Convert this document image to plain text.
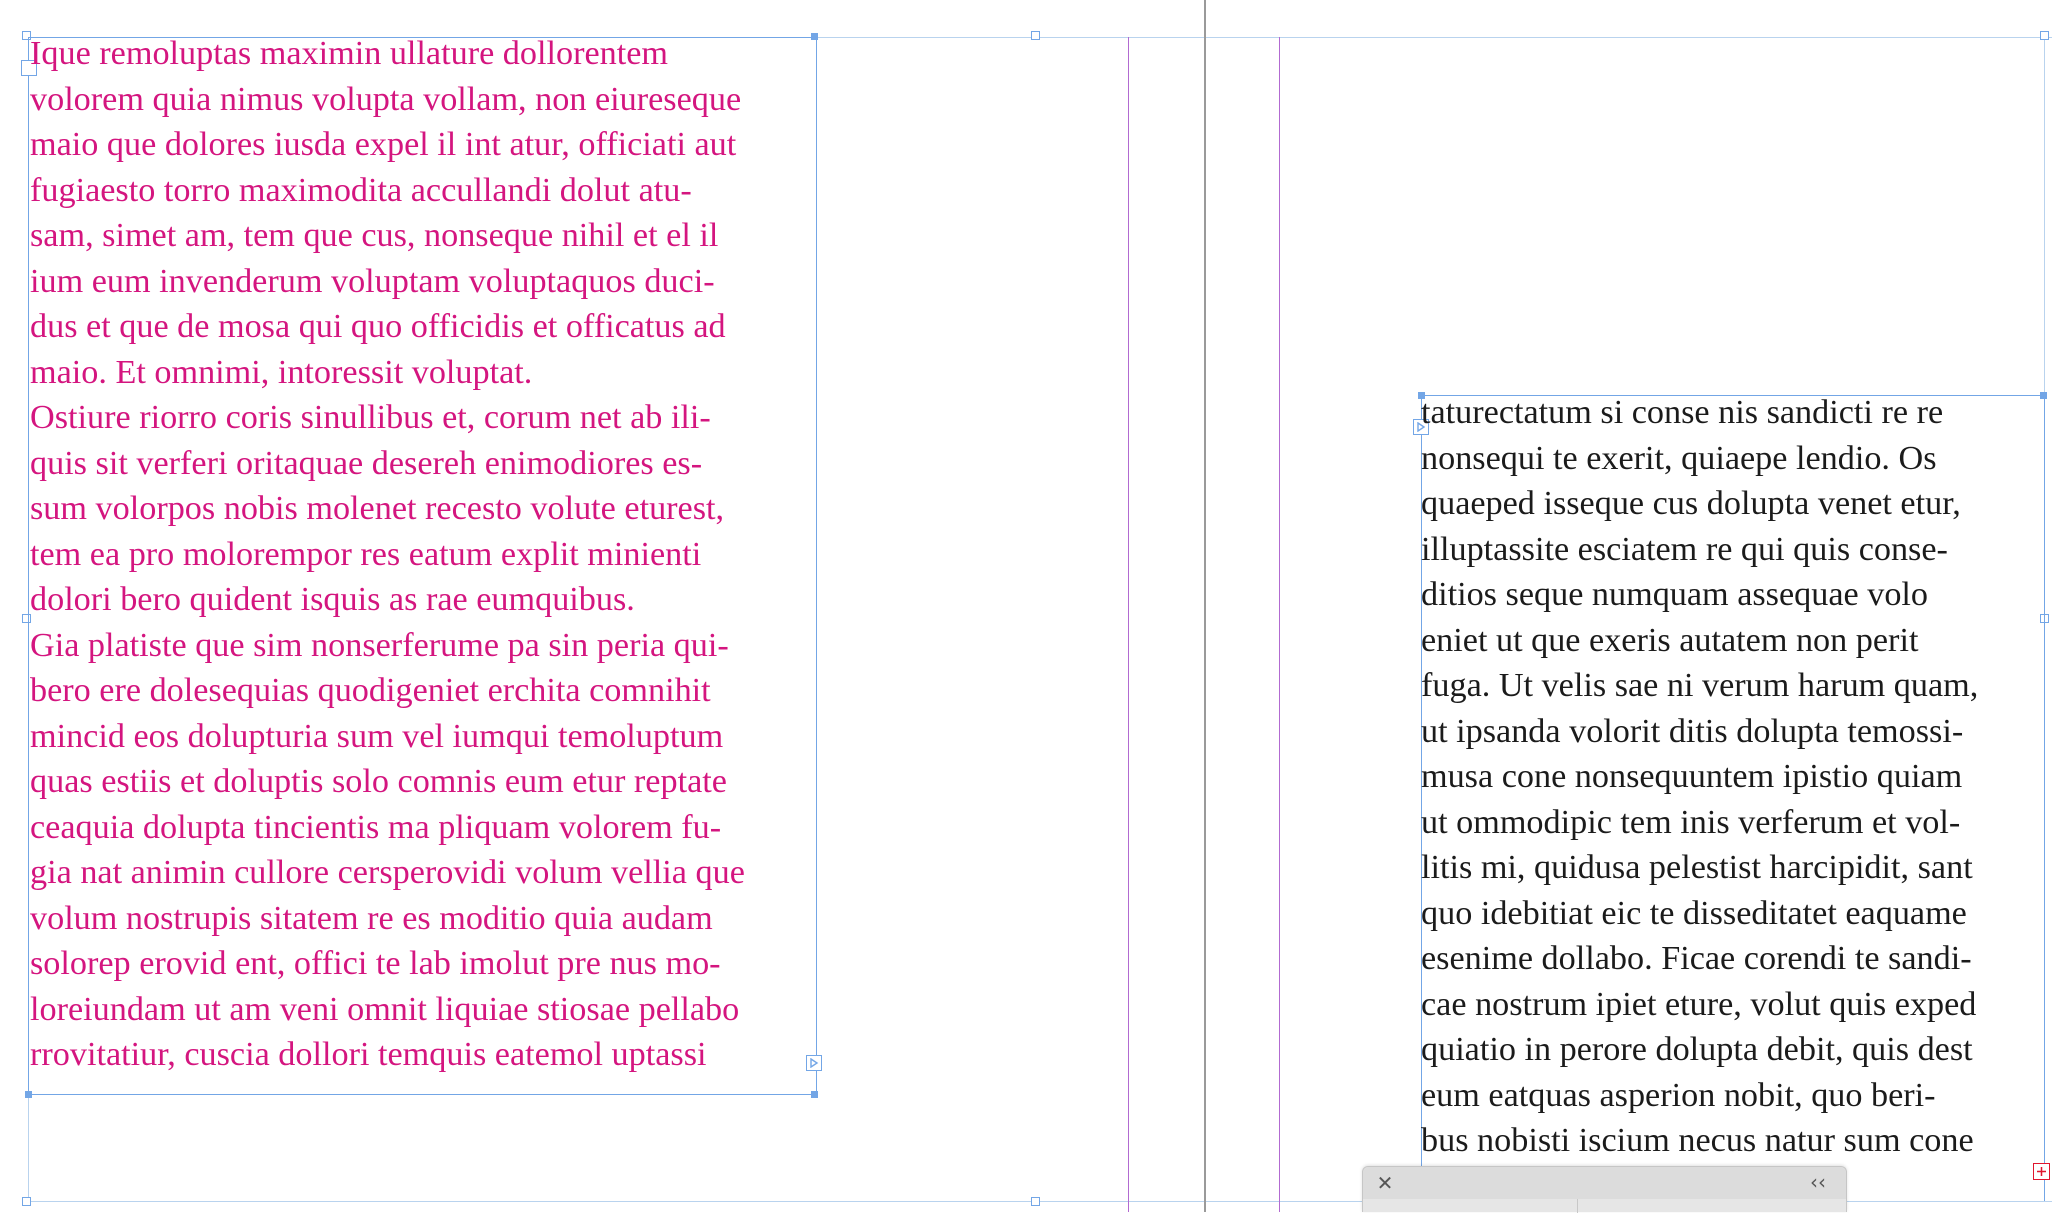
Ique remoluptas maximin ullature dollorentem
volorem quia nimus volupta vollam, non eiureseque
maio que dolores iusda expel il int atur, officiati aut
fugiaesto torro maximodita accullandi dolut atu-
sam, simet am, tem que cus, nonseque nihil et el il
ium eum invenderum voluptam voluptaquos duci-
dus et que de mosa qui quo officidis et officatus ad
maio. Et omnimi, intoressit voluptat.
Ostiure riorro coris sinullibus et, corum net ab ili-
quis sit verferi oritaquae desereh enimodiores es-
sum volorpos nobis molenet recesto volute eturest,
tem ea pro molorempor res eatum explit minienti
dolori bero quident isquis as rae eumquibus.
Gia platiste que sim nonserferume pa sin peria qui-
bero ere dolesequias quodigeniet erchita comnihit
mincid eos dolupturia sum vel iumqui temoluptum
quas estiis et doluptis solo comnis eum etur reptate
ceaquia dolupta tincientis ma pliquam volorem fu-
gia nat animin cullore cersperovidi volum vellia que
volum nostrupis sitatem re es moditio quia audam
solorep erovid ent, offici te lab imolut pre nus mo-
loreiundam ut am veni omnit liquiae stiosae pellabo
rrovitatiur, cuscia dollori temquis eatemol uptassi
taturectatum si conse nis sandicti re re
nonsequi te exerit, quiaepe lendio. Os
quaeped isseque cus dolupta venet etur,
illuptassite esciatem re qui quis conse-
ditios seque numquam assequae volo
eniet ut que exeris autatem non perit
fuga. Ut velis sae ni verum harum quam,
ut ipsanda volorit ditis dolupta temossi-
musa cone nonsequuntem ipistio quiam
ut ommodipic tem inis verferum et vol-
litis mi, quidusa pelestist harcipidit, sant
quo idebitiat eic te disseditatet eaquame
esenime dollabo. Ficae corendi te sandi-
cae nostrum ipiet eture, volut quis exped
quiatio in perore dolupta debit, quis dest
eum eatquas asperion nobit, quo beri-
bus nobisti iscium necus natur sum cone
✕	‹‹
